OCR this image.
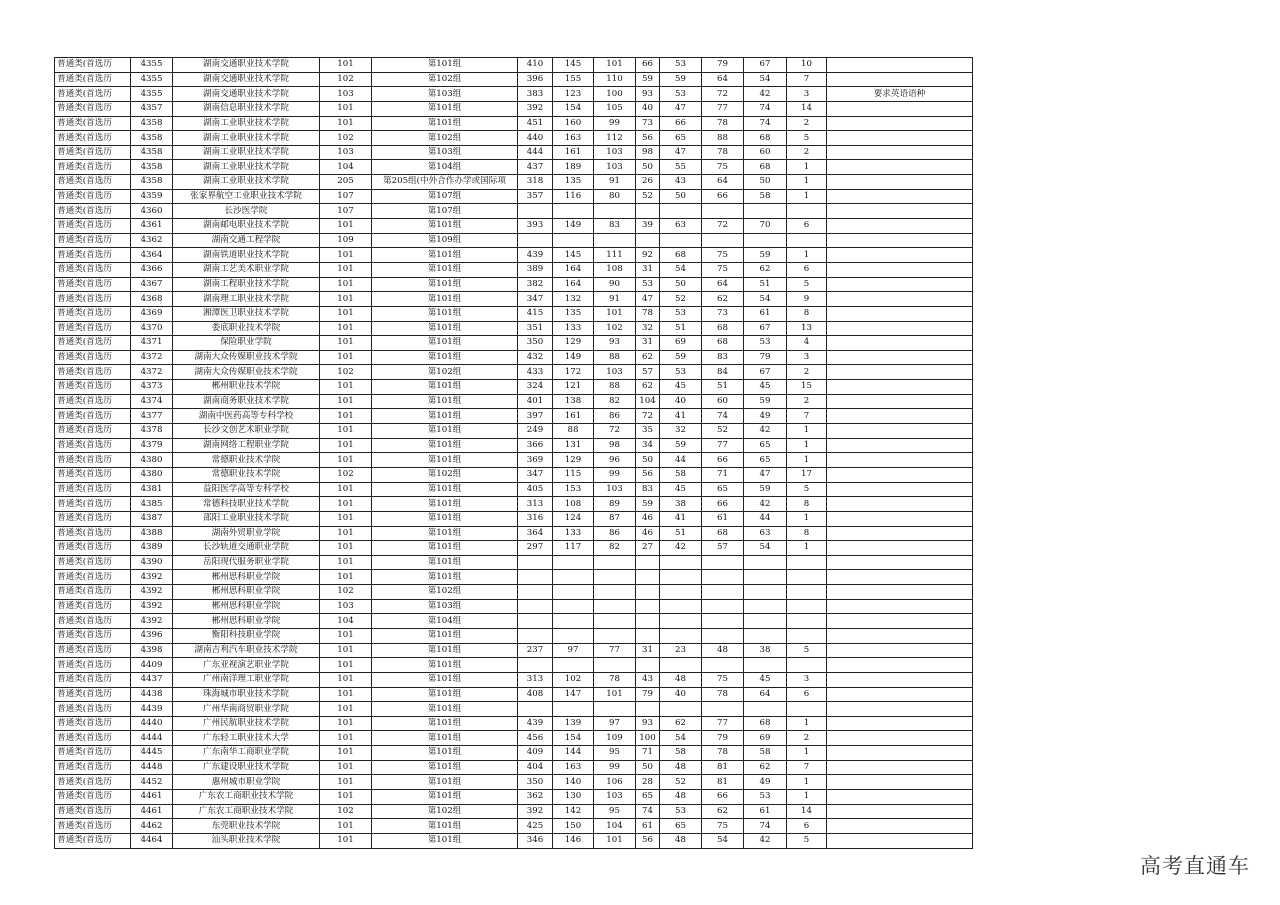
普通类(首选历	4355	湖南交通职业技术学院	101	第101组	410	145	101	66	53	79	67	10	
普通类(首选历	4355	湖南交通职业技术学院	102	第102组	396	155	110	59	59	64	54	7	
普通类(首选历	4355	湖南交通职业技术学院	103	第103组	383	123	100	93	53	72	42	3	要求英语语种
普通类(首选历	4357	湖南信息职业技术学院	101	第101组	392	154	105	40	47	77	74	14	
普通类(首选历	4358	湖南工业职业技术学院	101	第101组	451	160	99	73	66	78	74	2	
普通类(首选历	4358	湖南工业职业技术学院	102	第102组	440	163	112	56	65	88	68	5	
普通类(首选历	4358	湖南工业职业技术学院	103	第103组	444	161	103	98	47	78	60	2	
普通类(首选历	4358	湖南工业职业技术学院	104	第104组	437	189	103	50	55	75	68	1	
普通类(首选历	4358	湖南工业职业技术学院	205	第205组(中外合作办学或国际项	318	135	91	26	43	64	50	1	
普通类(首选历	4359	张家界航空工业职业技术学院	107	第107组	357	116	80	52	50	66	58	1	
普通类(首选历	4360	长沙医学院	107	第107组									
普通类(首选历	4361	湖南邮电职业技术学院	101	第101组	393	149	83	39	63	72	70	6	
普通类(首选历	4362	湖南交通工程学院	109	第109组									
普通类(首选历	4364	湖南铁道职业技术学院	101	第101组	439	145	111	92	68	75	59	1	
普通类(首选历	4366	湖南工艺美术职业学院	101	第101组	389	164	108	31	54	75	62	6	
普通类(首选历	4367	湖南工程职业技术学院	101	第101组	382	164	90	53	50	64	51	5	
普通类(首选历	4368	湖南理工职业技术学院	101	第101组	347	132	91	47	52	62	54	9	
普通类(首选历	4369	湘潭医卫职业技术学院	101	第101组	415	135	101	78	53	73	61	8	
普通类(首选历	4370	娄底职业技术学院	101	第101组	351	133	102	32	51	68	67	13	
普通类(首选历	4371	保险职业学院	101	第101组	350	129	93	31	69	68	53	4	
普通类(首选历	4372	湖南大众传媒职业技术学院	101	第101组	432	149	88	62	59	83	79	3	
普通类(首选历	4372	湖南大众传媒职业技术学院	102	第102组	433	172	103	57	53	84	67	2	
普通类(首选历	4373	郴州职业技术学院	101	第101组	324	121	88	62	45	51	45	15	
普通类(首选历	4374	湖南商务职业技术学院	101	第101组	401	138	82	104	40	60	59	2	
普通类(首选历	4377	湖南中医药高等专科学校	101	第101组	397	161	86	72	41	74	49	7	
普通类(首选历	4378	长沙文创艺术职业学院	101	第101组	249	88	72	35	32	52	42	1	
普通类(首选历	4379	湖南网络工程职业学院	101	第101组	366	131	98	34	59	77	65	1	
普通类(首选历	4380	常德职业技术学院	101	第101组	369	129	96	50	44	66	65	1	
普通类(首选历	4380	常德职业技术学院	102	第102组	347	115	99	56	58	71	47	17	
普通类(首选历	4381	益阳医学高等专科学校	101	第101组	405	153	103	83	45	65	59	5	
普通类(首选历	4385	常德科技职业技术学院	101	第101组	313	108	89	59	38	66	42	8	
普通类(首选历	4387	邵阳工业职业技术学院	101	第101组	316	124	87	46	41	61	44	1	
普通类(首选历	4388	湖南外贸职业学院	101	第101组	364	133	86	46	51	68	63	8	
普通类(首选历	4389	长沙轨道交通职业学院	101	第101组	297	117	82	27	42	57	54	1	
普通类(首选历	4390	岳阳现代服务职业学院	101	第101组									
普通类(首选历	4392	郴州思科职业学院	101	第101组									
普通类(首选历	4392	郴州思科职业学院	102	第102组									
普通类(首选历	4392	郴州思科职业学院	103	第103组									
普通类(首选历	4392	郴州思科职业学院	104	第104组									
普通类(首选历	4396	衡阳科技职业学院	101	第101组									
普通类(首选历	4398	湖南吉利汽车职业技术学院	101	第101组	237	97	77	31	23	48	38	5	
普通类(首选历	4409	广东亚视演艺职业学院	101	第101组									
普通类(首选历	4437	广州南洋理工职业学院	101	第101组	313	102	78	43	48	75	45	3	
普通类(首选历	4438	珠海城市职业技术学院	101	第101组	408	147	101	79	40	78	64	6	
普通类(首选历	4439	广州华南商贸职业学院	101	第101组									
普通类(首选历	4440	广州民航职业技术学院	101	第101组	439	139	97	93	62	77	68	1	
普通类(首选历	4444	广东轻工职业技术大学	101	第101组	456	154	109	100	54	79	69	2	
普通类(首选历	4445	广东南华工商职业学院	101	第101组	409	144	95	71	58	78	58	1	
普通类(首选历	4448	广东建设职业技术学院	101	第101组	404	163	99	50	48	81	62	7	
普通类(首选历	4452	惠州城市职业学院	101	第101组	350	140	106	28	52	81	49	1	
普通类(首选历	4461	广东农工商职业技术学院	101	第101组	362	130	103	65	48	66	53	1	
普通类(首选历	4461	广东农工商职业技术学院	102	第102组	392	142	95	74	53	62	61	14	
普通类(首选历	4462	东莞职业技术学院	101	第101组	425	150	104	61	65	75	74	6	
普通类(首选历	4464	汕头职业技术学院	101	第101组	346	146	101	56	48	54	42	5	
高考直通车
